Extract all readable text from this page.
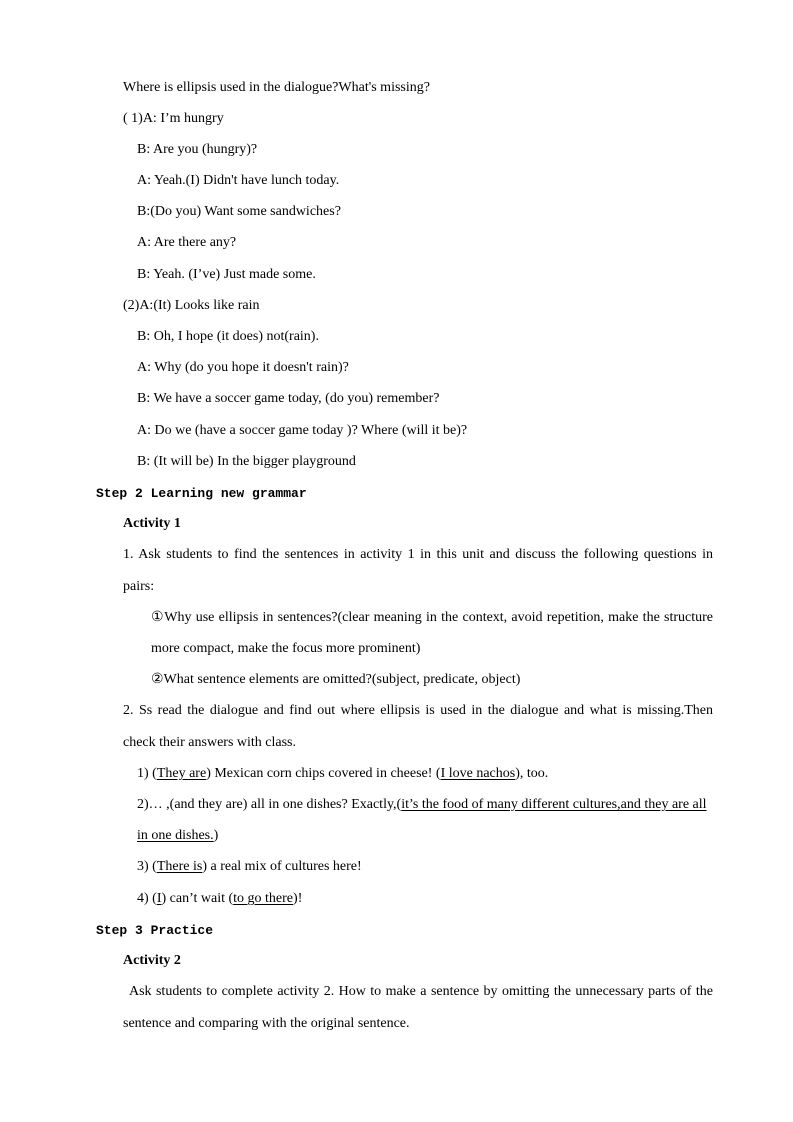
Where is ellipsis used in the dialogue?What's missing?
( 1)A: I’m hungry
B: Are you (hungry)?
A: Yeah.(I) Didn't have lunch today.
B:(Do you) Want some sandwiches?
A: Are there any?
B: Yeah. (I’ve) Just made some.
(2)A:(It) Looks like rain
B: Oh, I hope (it does) not(rain).
A: Why (do you hope it doesn't rain)?
B: We have a soccer game today, (do you) remember?
A: Do we (have a soccer game today )? Where (will it be)?
B: (It will be) In the bigger playground
Step 2 Learning new grammar
Activity 1
1. Ask students to find the sentences in activity 1 in this unit and discuss the following questions in
pairs:
①Why use ellipsis in sentences?(clear meaning in the context, avoid repetition, make the structure
more compact, make the focus more prominent)
②What sentence elements are omitted?(subject, predicate, object)
2. Ss read the dialogue and find out where ellipsis is used in the dialogue and what is missing.Then
check their answers with class.
1) (They are) Mexican corn chips covered in cheese! (I love nachos), too.
2)… ,(and they are) all in one dishes? Exactly,(it’s the food of many different cultures,and they are all
in one dishes.)
3) (There is) a real mix of cultures here!
4) (I) can’t wait (to go there)!
Step 3 Practice
Activity 2
Ask students to complete activity 2. How to make a sentence by omitting the unnecessary parts of the
sentence and comparing with the original sentence.
